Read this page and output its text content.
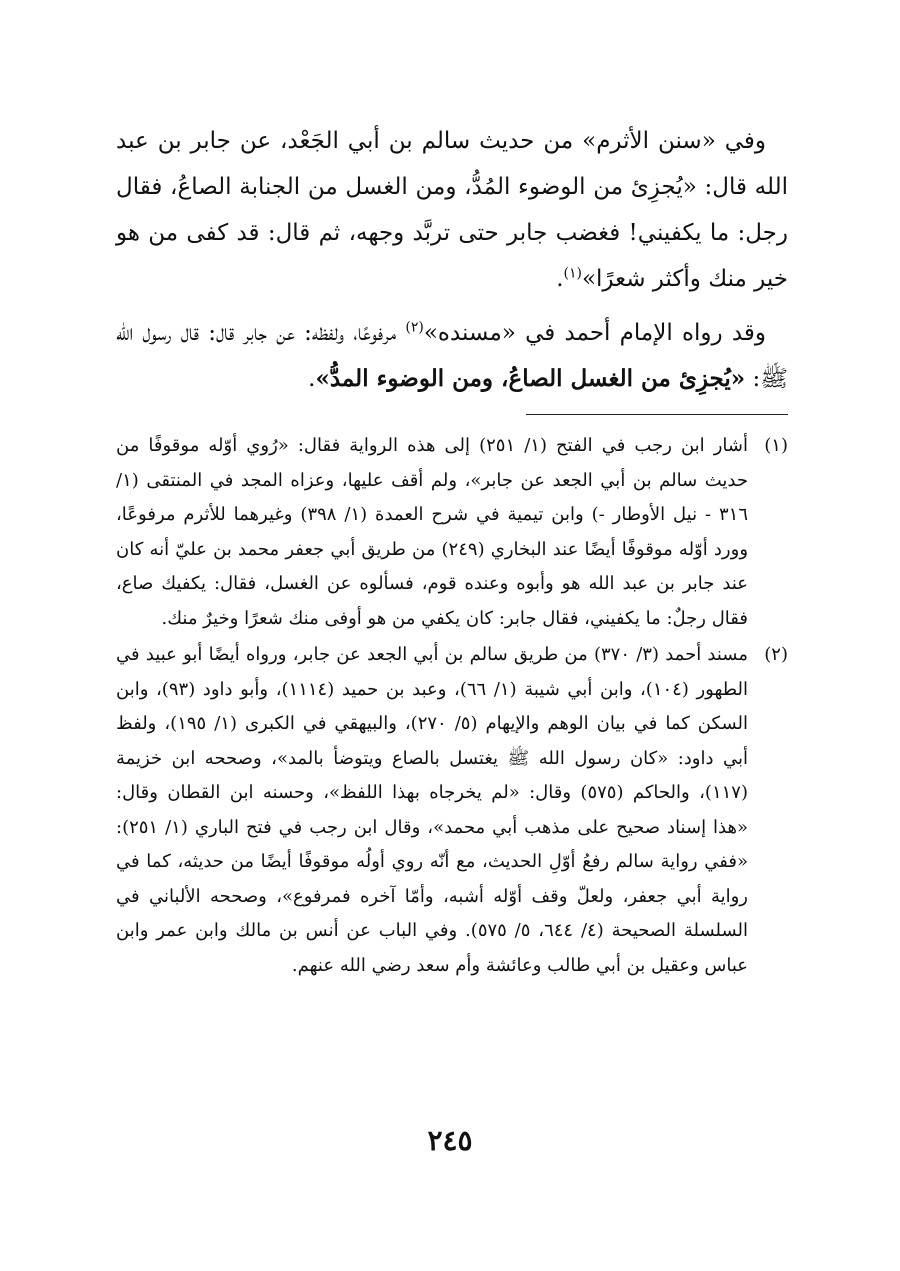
وفي «سنن الأثرم» من حديث سالم بن أبي الجَعْد، عن جابر بن عبد الله قال: «يُجزِئ من الوضوء المُدُّ، ومن الغسل من الجنابة الصاعُ، فقال رجل: ما يكفيني! فغضب جابر حتى تربَّد وجهه، ثم قال: قد كفى من هو خير منك وأكثر شعرًا»$^{(١)}$.

وقد رواه الإمام أحمد في «مسنده»$^{(٢)}$ مرفوعًا، ولفظه: عن جابر قال: قال رسول الله ﷺ: «يُجزِئ من الغسل الصاعُ، ومن الوضوء المدُّ».

(١)
أشار ابن رجب في الفتح (١/ ٢٥١) إلى هذه الرواية فقال: «رُوي أوّله موقوفًا من حديث سالم بن أبي الجعد عن جابر»، ولم أقف عليها، وعزاه المجد في المنتقى (١/ ٣١٦ - نيل الأوطار -) وابن تيمية في شرح العمدة (١/ ٣٩٨) وغيرهما للأثرم مرفوعًا، وورد أوّله موقوفًا أيضًا عند البخاري (٢٤٩) من طريق أبي جعفر محمد بن عليّ أنه كان عند جابر بن عبد الله هو وأبوه وعنده قوم، فسألوه عن الغسل، فقال: يكفيك صاع، فقال رجلٌ: ما يكفيني، فقال جابر: كان يكفي من هو أوفى منك شعرًا وخيرٌ منك.
(٢)
مسند أحمد (٣/ ٣٧٠) من طريق سالم بن أبي الجعد عن جابر، ورواه أيضًا أبو عبيد في الطهور (١٠٤)، وابن أبي شيبة (١/ ٦٦)، وعبد بن حميد (١١١٤)، وأبو داود (٩٣)، وابن السكن كما في بيان الوهم والإيهام (٥/ ٢٧٠)، والبيهقي في الكبرى (١/ ١٩٥)، ولفظ أبي داود: «كان رسول الله ﷺ يغتسل بالصاع ويتوضأ بالمد»، وصححه ابن خزيمة (١١٧)، والحاكم (٥٧٥) وقال: «لم يخرجاه بهذا اللفظ»، وحسنه ابن القطان وقال: «هذا إسناد صحيح على مذهب أبي محمد»، وقال ابن رجب في فتح الباري (١/ ٢٥١): «ففي رواية سالم رفعُ أوّلِ الحديث، مع أنّه روي أولُه موقوفًا أيضًا من حديثه، كما في رواية أبي جعفر، ولعلّ وقف أوّله أشبه، وأمّا آخره فمرفوع»، وصححه الألباني في السلسلة الصحيحة (٤/ ٦٤٤، ٥/ ٥٧٥). وفي الباب عن أنس بن مالك وابن عمر وابن عباس وعقيل بن أبي طالب وعائشة وأم سعد رضي الله عنهم.
٢٤٥
